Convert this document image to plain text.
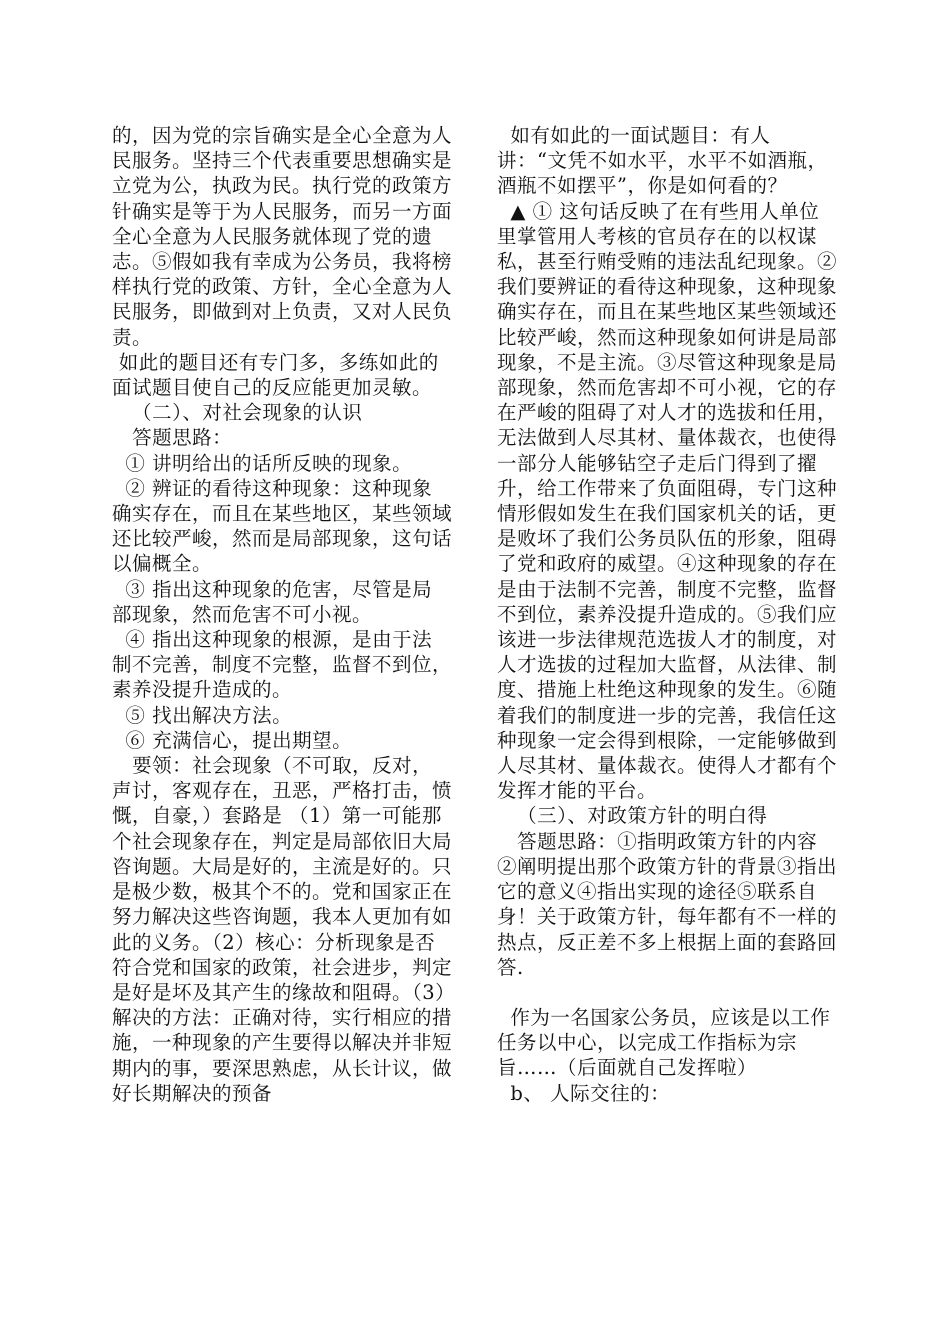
的，因为党的宗旨确实是全心全意为人民服务。坚持三个代表重要思想确实是立党为公，执政为民。执行党的政策方针确实是等于为人民服务，而另一方面全心全意为人民服务就体现了党的遗志。⑤假如我有幸成为公务员，我将榜样执行党的政策、方针，全心全意为人民服务，即做到对上负责，又对人民负责。

如此的题目还有专门多，多练如此的面试题目使自己的反应能更加灵敏。

（二）、对社会现象的认识

答题思路：

① 讲明给出的话所反映的现象。

② 辨证的看待这种现象：这种现象确实存在，而且在某些地区，某些领域还比较严峻，然而是局部现象，这句话以偏概全。

③ 指出这种现象的危害，尽管是局部现象，然而危害不可小视。

④ 指出这种现象的根源，是由于法制不完善，制度不完整，监督不到位，素养没提升造成的。

⑤ 找出解决方法。

⑥ 充满信心，提出期望。

要领：社会现象（不可取，反对，声讨，客观存在，丑恶，严格打击，愤慨，自豪，）套路是 （1）第一可能那个社会现象存在，判定是局部依旧大局咨询题。大局是好的，主流是好的。只是极少数，极其个不的。党和国家正在努力解决这些咨询题，我本人更加有如此的义务。（2）核心：分析现象是否符合党和国家的政策，社会进步，判定是好是坏及其产生的缘故和阻碍。（3）解决的方法：正确对待，实行相应的措施，一种现象的产生要得以解决并非短期内的事，要深思熟虑，从长计议，做好长期解决的预备

如有如此的一面试题目：有人讲：“文凭不如水平，水平不如酒瓶，酒瓶不如摆平”，你是如何看的？

▲ ① 这句话反映了在有些用人单位里掌管用人考核的官员存在的以权谋私，甚至行贿受贿的违法乱纪现象。②我们要辨证的看待这种现象，这种现象确实存在，而且在某些地区某些领域还比较严峻，然而这种现象如何讲是局部现象，不是主流。③尽管这种现象是局部现象，然而危害却不可小视，它的存在严峻的阻碍了对人才的选拔和任用，无法做到人尽其材、量体裁衣，也使得一部分人能够钻空子走后门得到了擢升，给工作带来了负面阻碍，专门这种情形假如发生在我们国家机关的话，更是败坏了我们公务员队伍的形象，阻碍了党和政府的威望。④这种现象的存在是由于法制不完善，制度不完整，监督不到位，素养没提升造成的。⑤我们应该进一步法律规范选拔人才的制度，对人才选拔的过程加大监督，从法律、制度、措施上杜绝这种现象的发生。⑥随着我们的制度进一步的完善，我信任这种现象一定会得到根除，一定能够做到人尽其材、量体裁衣。使得人才都有个发挥才能的平台。

（三）、对政策方针的明白得

答题思路：①指明政策方针的内容②阐明提出那个政策方针的背景③指出它的意义④指出实现的途径⑤联系自身！关于政策方针，每年都有不一样的热点，反正差不多上根据上面的套路回答.

作为一名国家公务员，应该是以工作任务以中心，以完成工作指标为宗旨……（后面就自己发挥啦）

b、 人际交往的：
